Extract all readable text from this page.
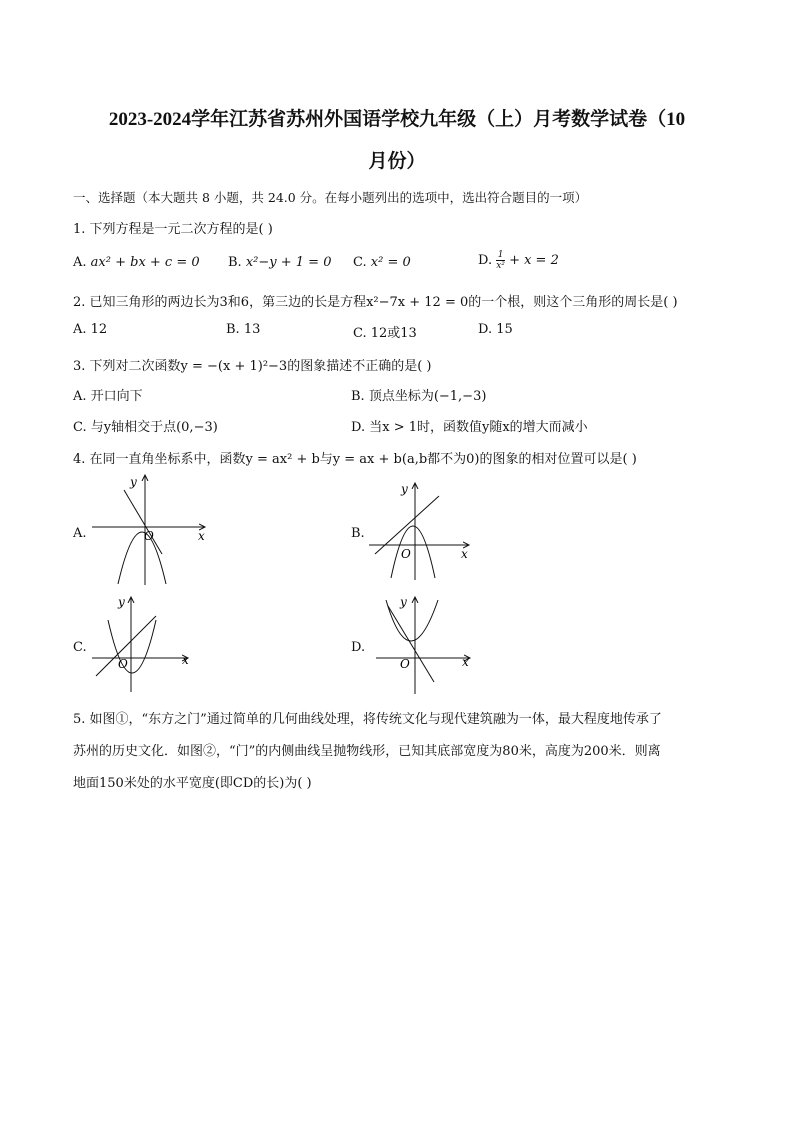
2023-2024学年江苏省苏州外国语学校九年级（上）月考数学试卷（10
月份）
一、选择题（本大题共 8 小题，共 24.0 分。在每小题列出的选项中，选出符合题目的一项）
1. 下列方程是一元二次方程的是( )
A. ax² + bx + c = 0 B. x²−y + 1 = 0 C. x² = 0	D. $\frac{1}{\text{x²}} + x = 2$
2. 已知三角形的两边长为3和6，第三边的长是方程x²−7x + 12 = 0的一个根，则这个三角形的周长是( )
A. 12	B. 13	C. 12或13	D. 15
3. 下列对二次函数y = −(x + 1)²−3的图象描述不正确的是( )
A. 开口向下	B. 顶点坐标为(−1,−3)
C. 与y轴相交于点(0,−3)	D. 当x > 1时，函数值y随x的增大而减小
4. 在同一直角坐标系中，函数y = ax² + b与y = ax + b(a,b都不为0)的图象的相对位置可以是( )
A.	B.
C.	D.
x
y
O
x
y
O
x
y
O	x
y
O
5. 如图①，“东方之门”通过简单的几何曲线处理，将传统文化与现代建筑融为一体，最大程度地传承了
苏州的历史文化．如图②，“门”的内侧曲线呈抛物线形，已知其底部宽度为80米，高度为200米．则离
地面150米处的水平宽度(即CD的长)为( )
